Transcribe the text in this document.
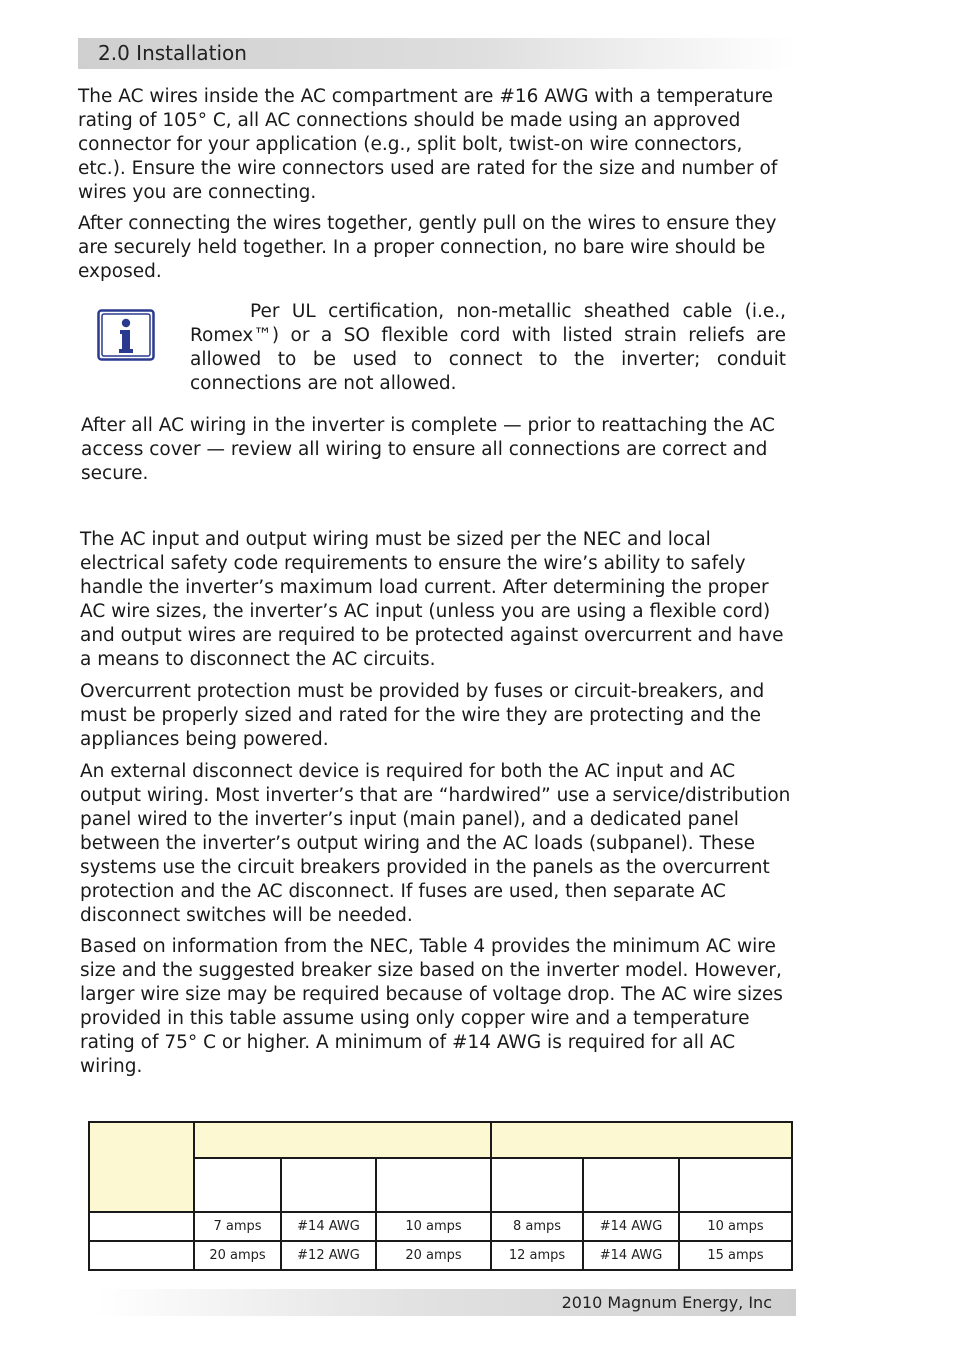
2.0 Installation

The AC wires inside the AC compartment are #16 AWG with a temperature rating of 105° C, all AC connections should be made using an approved connector for your application (e.g., split bolt, twist-on wire connectors, etc.). Ensure the wire connectors used are rated for the size and number of wires you are connecting.

After connecting the wires together, gently pull on the wires to ensure they are securely held together. In a proper connection, no bare wire should be exposed.

Per UL certification, non-metallic sheathed cable (i.e., Romex™) or a SO flexible cord with listed strain reliefs are allowed to be used to connect to the inverter; conduit connections are not allowed.

After all AC wiring in the inverter is complete — prior to reattaching the AC access cover — review all wiring to ensure all connections are correct and secure.

The AC input and output wiring must be sized per the NEC and local electrical safety code requirements to ensure the wire’s ability to safely handle the inverter’s maximum load current. After determining the proper AC wire sizes, the inverter’s AC input (unless you are using a flexible cord) and output wires are required to be protected against overcurrent and have a means to disconnect the AC circuits.

Overcurrent protection must be provided by fuses or circuit-breakers, and must be properly sized and rated for the wire they are protecting and the appliances being powered.

An external disconnect device is required for both the AC input and AC output wiring. Most inverter’s that are “hardwired” use a service/distribution panel wired to the inverter’s input (main panel), and a dedicated panel between the inverter’s output wiring and the AC loads (subpanel). These systems use the circuit breakers provided in the panels as the overcurrent protection and the AC disconnect. If fuses are used, then separate AC disconnect switches will be needed.

Based on information from the NEC, Table 4 provides the minimum AC wire size and the suggested breaker size based on the inverter model. However, larger wire size may be required because of voltage drop. The AC wire sizes provided in this table assume using only copper wire and a temperature rating of 75° C or higher. A minimum of #14 AWG is required for all AC wiring.

	7 amps	#14 AWG	10 amps	8 amps	#14 AWG	10 amps
	20 amps	#12 AWG	20 amps	12 amps	#14 AWG	15 amps
2010 Magnum Energy, Inc
